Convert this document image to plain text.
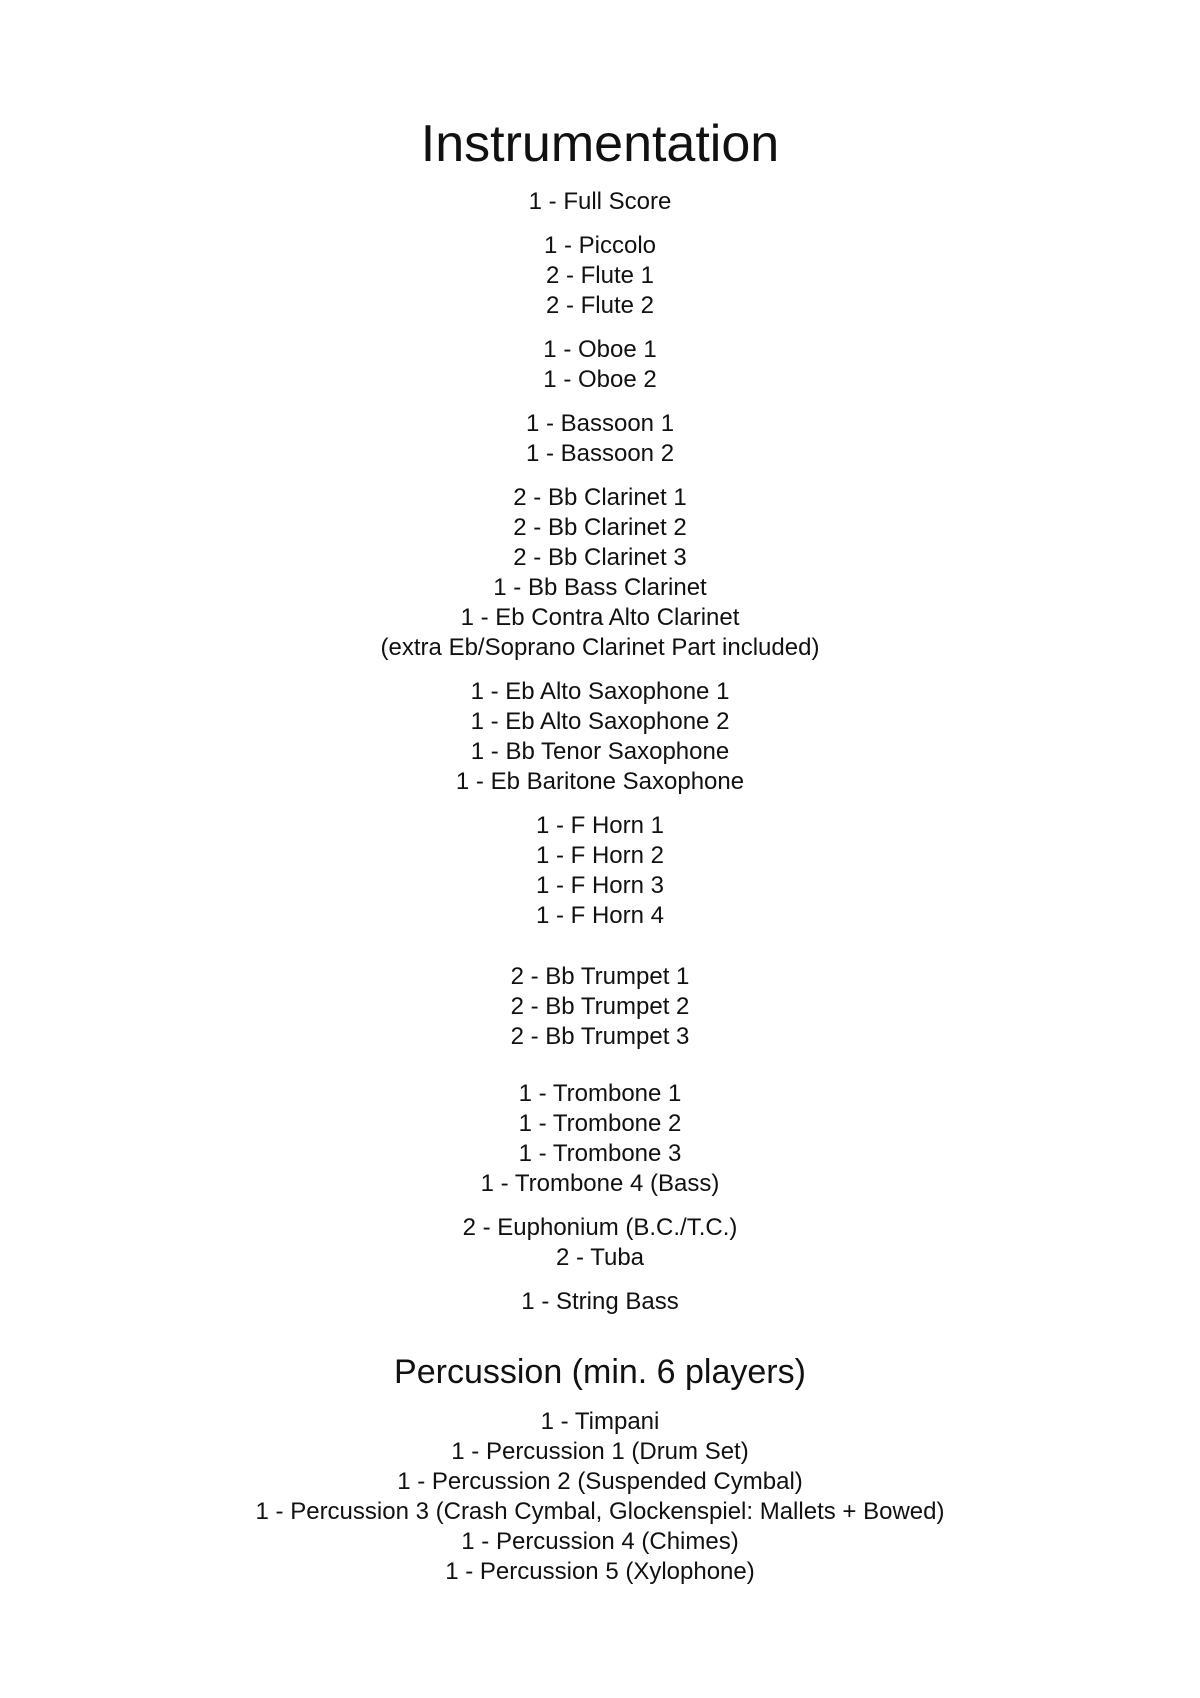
Instrumentation
1 - Full Score
1 - Piccolo
2 - Flute 1
2 - Flute 2
1 - Oboe 1
1 - Oboe 2
1 - Bassoon 1
1 - Bassoon 2
2 - Bb Clarinet 1
2 - Bb Clarinet 2
2 - Bb Clarinet 3
1 - Bb Bass Clarinet
1 - Eb Contra Alto Clarinet
(extra Eb/Soprano Clarinet Part included)
1 - Eb Alto Saxophone 1
1 - Eb Alto Saxophone 2
1 - Bb Tenor Saxophone
1 - Eb Baritone Saxophone
1 - F Horn 1
1 - F Horn 2
1 - F Horn 3
1 - F Horn 4
2 - Bb Trumpet 1
2 - Bb Trumpet 2
2 - Bb Trumpet 3
1 - Trombone 1
1 - Trombone 2
1 - Trombone 3
1 - Trombone 4 (Bass)
2 - Euphonium (B.C./T.C.)
2 - Tuba
1 - String Bass
Percussion (min. 6 players)
1 - Timpani
1 - Percussion 1 (Drum Set)
1 - Percussion 2 (Suspended Cymbal)
1 - Percussion 3 (Crash Cymbal, Glockenspiel: Mallets + Bowed)
1 - Percussion 4 (Chimes)
1 - Percussion 5 (Xylophone)
